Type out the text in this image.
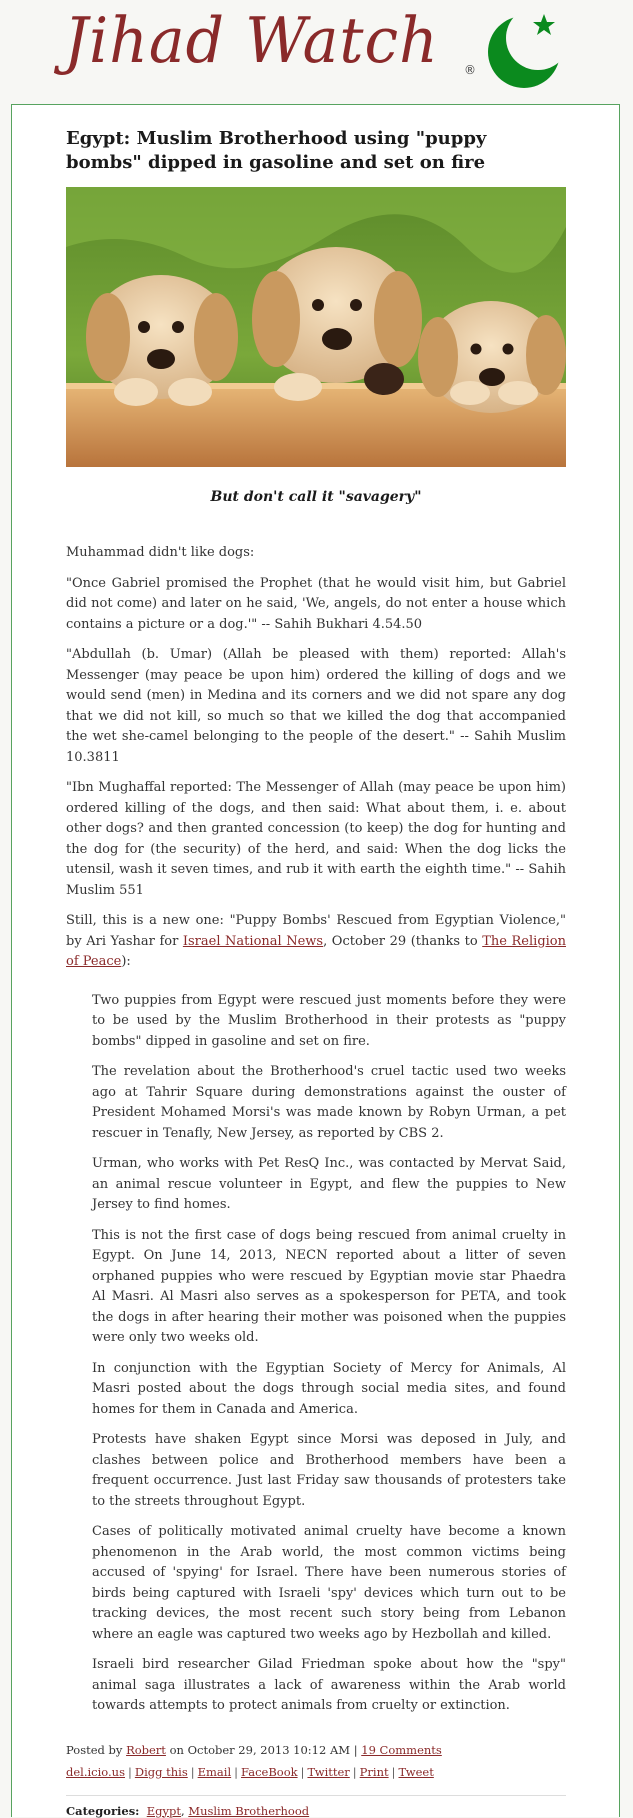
Jihad Watch ®
Egypt: Muslim Brotherhood using "puppy bombs" dipped in gasoline and set on fire
But don't call it "savagery"

Muhammad didn't like dogs:

"Once Gabriel promised the Prophet (that he would visit him, but Gabriel did not come) and later on he said, 'We, angels, do not enter a house which contains a picture or a dog.'" -- Sahih Bukhari 4.54.50

"Abdullah (b. Umar) (Allah be pleased with them) reported: Allah's Messenger (may peace be upon him) ordered the killing of dogs and we would send (men) in Medina and its corners and we did not spare any dog that we did not kill, so much so that we killed the dog that accompanied the wet she-camel belonging to the people of the desert." -- Sahih Muslim 10.3811

"Ibn Mughaffal reported: The Messenger of Allah (may peace be upon him) ordered killing of the dogs, and then said: What about them, i. e. about other dogs? and then granted concession (to keep) the dog for hunting and the dog for (the security) of the herd, and said: When the dog licks the utensil, wash it seven times, and rub it with earth the eighth time." -- Sahih Muslim 551

Still, this is a new one: "Puppy Bombs' Rescued from Egyptian Violence," by Ari Yashar for Israel National News, October 29 (thanks to The Religion of Peace):

Two puppies from Egypt were rescued just moments before they were to be used by the Muslim Brotherhood in their protests as "puppy bombs" dipped in gasoline and set on fire.

The revelation about the Brotherhood's cruel tactic used two weeks ago at Tahrir Square during demonstrations against the ouster of President Mohamed Morsi's was made known by Robyn Urman, a pet rescuer in Tenafly, New Jersey, as reported by CBS 2.

Urman, who works with Pet ResQ Inc., was contacted by Mervat Said, an animal rescue volunteer in Egypt, and flew the puppies to New Jersey to find homes.

This is not the first case of dogs being rescued from animal cruelty in Egypt. On June 14, 2013, NECN reported about a litter of seven orphaned puppies who were rescued by Egyptian movie star Phaedra Al Masri. Al Masri also serves as a spokesperson for PETA, and took the dogs in after hearing their mother was poisoned when the puppies were only two weeks old.

In conjunction with the Egyptian Society of Mercy for Animals, Al Masri posted about the dogs through social media sites, and found homes for them in Canada and America.

Protests have shaken Egypt since Morsi was deposed in July, and clashes between police and Brotherhood members have been a frequent occurrence. Just last Friday saw thousands of protesters take to the streets throughout Egypt.

Cases of politically motivated animal cruelty have become a known phenomenon in the Arab world, the most common victims being accused of 'spying' for Israel. There have been numerous stories of birds being captured with Israeli 'spy' devices which turn out to be tracking devices, the most recent such story being from Lebanon where an eagle was captured two weeks ago by Hezbollah and killed.

Israeli bird researcher Gilad Friedman spoke about how the "spy" animal saga illustrates a lack of awareness within the Arab world towards attempts to protect animals from cruelty or extinction.

Posted by Robert on October 29, 2013 10:12 AM | 19 Comments
del.icio.us | Digg this | Email | FaceBook | Twitter | Print | Tweet
Categories: Egypt, Muslim Brotherhood
